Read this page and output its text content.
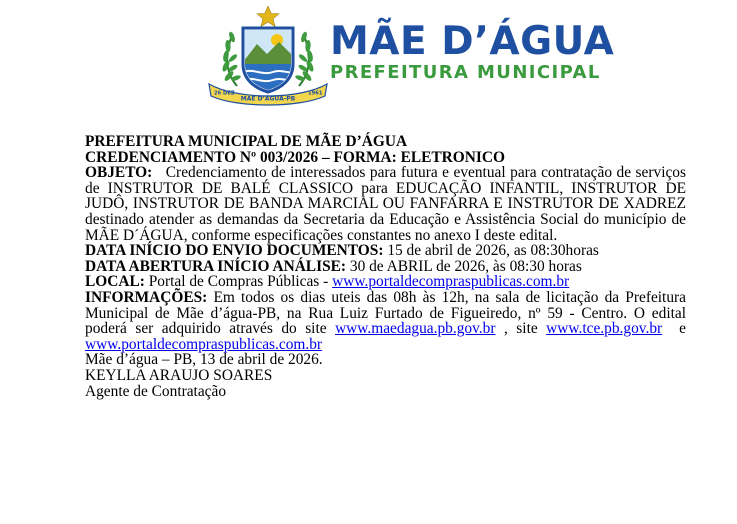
26 DEZ
MÃE D’ÁGUA-PB
1961
MÃE D’ÁGUA
PREFEITURA MUNICIPAL

PREFEITURA MUNICIPAL DE MÃE D’ÁGUA

CREDENCIAMENTO Nº 003/2026 – FORMA: ELETRONICO

OBJETO: Credenciamento de interessados para futura e eventual para contratação de serviços de INSTRUTOR DE BALÉ CLASSICO para EDUCAÇÃO INFANTIL, INSTRUTOR DE JUDÔ, INSTRUTOR DE BANDA MARCIAL OU FANFARRA E INSTRUTOR DE XADREZ destinado atender as demandas da Secretaria da Educação e Assistência Social do município de MÃE D´ÁGUA, conforme especificações constantes no anexo I deste edital.

DATA INÍCIO DO ENVIO DOCUMENTOS: 15 de abril de 2026, as 08:30horas

DATA ABERTURA INÍCIO ANÁLISE: 30 de ABRIL de 2026, às 08:30 horas

LOCAL: Portal de Compras Públicas - www.portaldecompraspublicas.com.br

INFORMAÇÕES: Em todos os dias uteis das 08h às 12h, na sala de licitação da Prefeitura Municipal de Mãe d’água-PB, na Rua Luiz Furtado de Figueiredo, nº 59 - Centro. O edital poderá ser adquirido através do site www.maedagua.pb.gov.br , site www.tce.pb.gov.br e www.portaldecompraspublicas.com.br

Mãe d’água – PB, 13 de abril de 2026.

KEYLLA ARAUJO SOARES

Agente de Contratação
